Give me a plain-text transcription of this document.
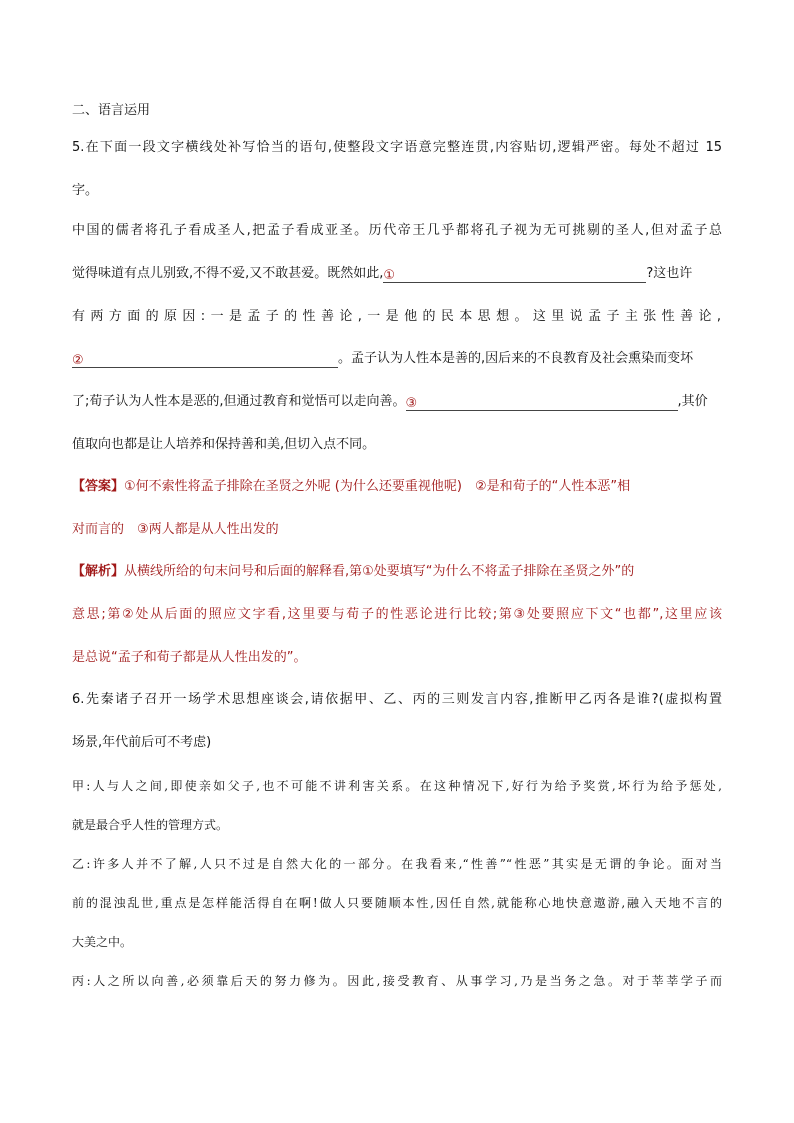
二、语言运用
5.在下面一段文字横线处补写恰当的语句,使整段文字语意完整连贯,内容贴切,逻辑严密。每处不超过 15
字。
中国的儒者将孔子看成圣人,把孟子看成亚圣。历代帝王几乎都将孔子视为无可挑剔的圣人,但对孟子总
觉得味道有点儿别致,不得不爱,又不敢甚爱。既然如此,①	?这也许
有两方面的原因:一是孟子的性善论,一是他的民本思想。这里说孟子主张性善论,
②	。孟子认为人性本是善的,因后来的不良教育及社会熏染而变坏
了;荀子认为人性本是恶的,但通过教育和觉悟可以走向善。③	,其价
值取向也都是让人培养和保持善和美,但切入点不同。
【答案】①何不索性将孟子排除在圣贤之外呢 (为什么还要重视他呢)　②是和荀子的“人性本恶”相
对而言的　③两人都是从人性出发的
【解析】从横线所给的句末问号和后面的解释看,第①处要填写“为什么不将孟子排除在圣贤之外”的
意思;第②处从后面的照应文字看,这里要与荀子的性恶论进行比较;第③处要照应下文“也都”,这里应该
是总说“孟子和荀子都是从人性出发的”。
6.先秦诸子召开一场学术思想座谈会,请依据甲、乙、丙的三则发言内容,推断甲乙丙各是谁?(虚拟构置
场景,年代前后可不考虑)
甲:人与人之间,即使亲如父子,也不可能不讲利害关系。在这种情况下,好行为给予奖赏,坏行为给予惩处,
就是最合乎人性的管理方式。
乙:许多人并不了解,人只不过是自然大化的一部分。在我看来,“性善”“性恶”其实是无谓的争论。面对当
前的混浊乱世,重点是怎样能活得自在啊!做人只要随顺本性,因任自然,就能称心地快意遨游,融入天地不言的
大美之中。
丙:人之所以向善,必须靠后天的努力修为。因此,接受教育、从事学习,乃是当务之急。对于莘莘学子而
